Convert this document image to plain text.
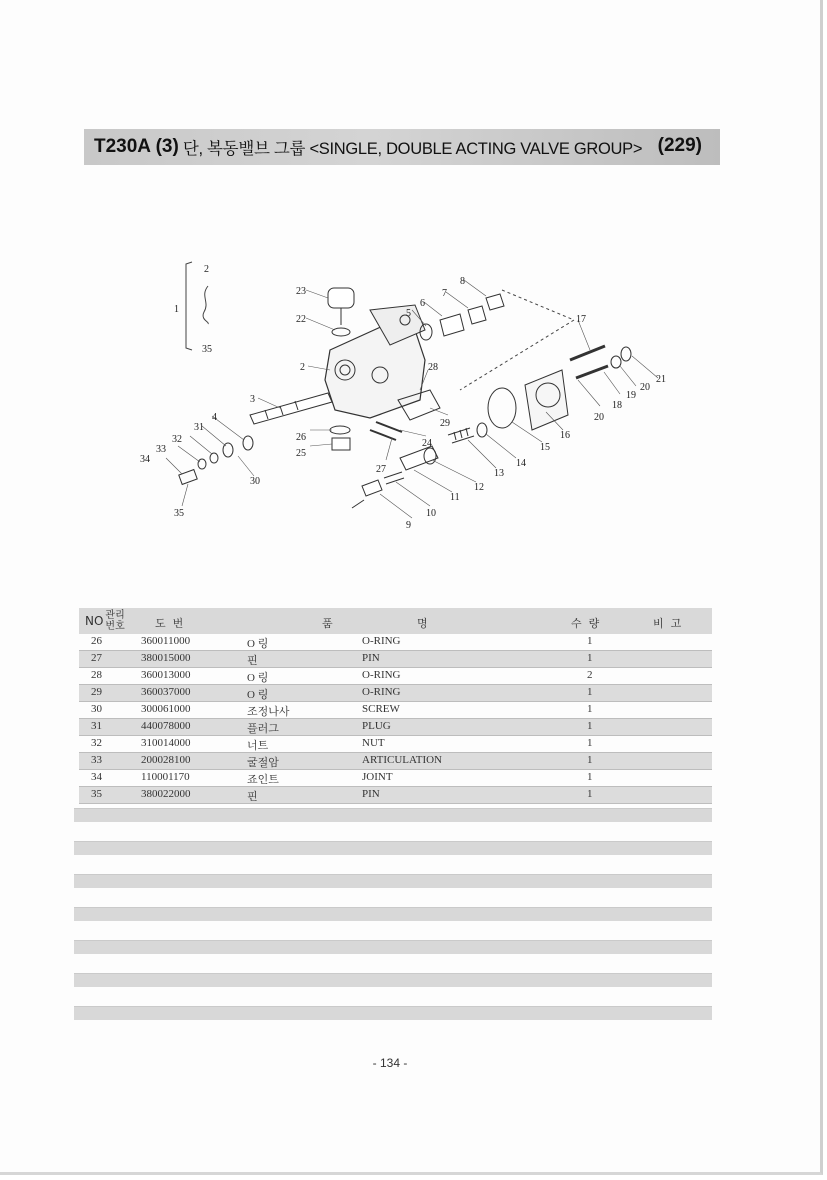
T230A (3) 단, 복동밸브 그룹 <SINGLE, DOUBLE ACTING VALVE GROUP> (229)
2
1
35
23
22
8
7
6
5
17
3
2	28
29
21
20
19
18
20
16
15
4
31
32
33
34
35
30
26
25
24
27
14
13
12
11
10
9
NO 관리
번호	도  번	품	명	수  량	비  고
26	360011000	O 링	O-RING	1
27	380015000	핀	PIN	1
28	360013000	O 링	O-RING	2
29	360037000	O 링	O-RING	1
30	300061000	조정나사	SCREW	1
31	440078000	플러그	PLUG	1
32	310014000	너트	NUT	1
33	200028100	굴절암	ARTICULATION	1
34	110001170	죠인트	JOINT	1
35	380022000	핀	PIN	1
- 134 -
